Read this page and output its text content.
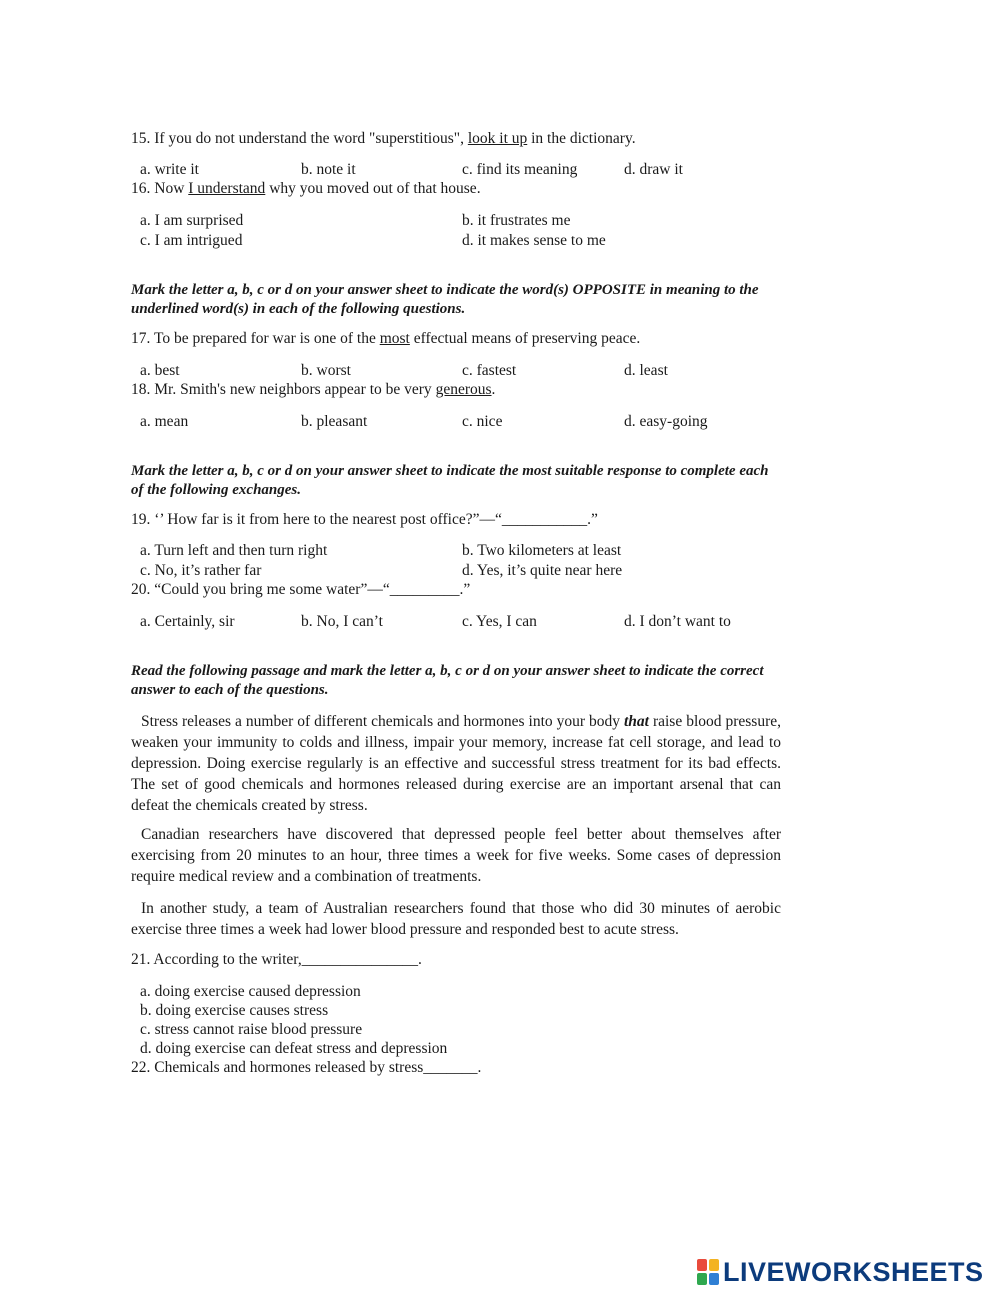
15. If you do not understand the word "superstitious", look it up in the dictionary.
a. write it	b. note it	c. find its meaning	d. draw it
16. Now I understand why you moved out of that house.
a. I am surprised	b. it frustrates me
c. I am intrigued	d. it makes sense to me
Mark the letter a, b, c or d on your answer sheet to indicate the word(s) OPPOSITE in meaning to the underlined word(s) in each of the following questions.
17. To be prepared for war is one of the most effectual means of preserving peace.
a. best	b. worst	c. fastest	d. least
18. Mr. Smith's new neighbors appear to be very generous.
a. mean	b. pleasant	c. nice	d. easy-going
Mark the letter a, b, c or d on your answer sheet to indicate the most suitable response to complete each of the following exchanges.
19. ‘’ How far is it from here to the nearest post office?”—“___________.”
a. Turn left and then turn right	b. Two kilometers at least
c. No, it’s rather far	d. Yes, it’s quite near here
20. “Could you bring me some water”—“_________.”
a. Certainly, sir	b. No, I can’t	c. Yes, I can	d. I don’t want to
Read the following passage and mark the letter a, b, c or d on your answer sheet to indicate the correct answer to each of the questions.

Stress releases a number of different chemicals and hormones into your body that raise blood pressure, weaken your immunity to colds and illness, impair your memory, increase fat cell storage, and lead to depression. Doing exercise regularly is an effective and successful stress treatment for its bad effects. The set of good chemicals and hormones released during exercise are an important arsenal that can defeat the chemicals created by stress.

Canadian researchers have discovered that depressed people feel better about themselves after exercising from 20 minutes to an hour, three times a week for five weeks. Some cases of depression require medical review and a combination of treatments.

In another study, a team of Australian researchers found that those who did 30 minutes of aerobic exercise three times a week had lower blood pressure and responded best to acute stress.

21. According to the writer,_______________.
a. doing exercise caused depression
b. doing exercise causes stress
c. stress cannot raise blood pressure
d. doing exercise can defeat stress and depression
22. Chemicals and hormones released by stress_______.
LIVEWORKSHEETS
